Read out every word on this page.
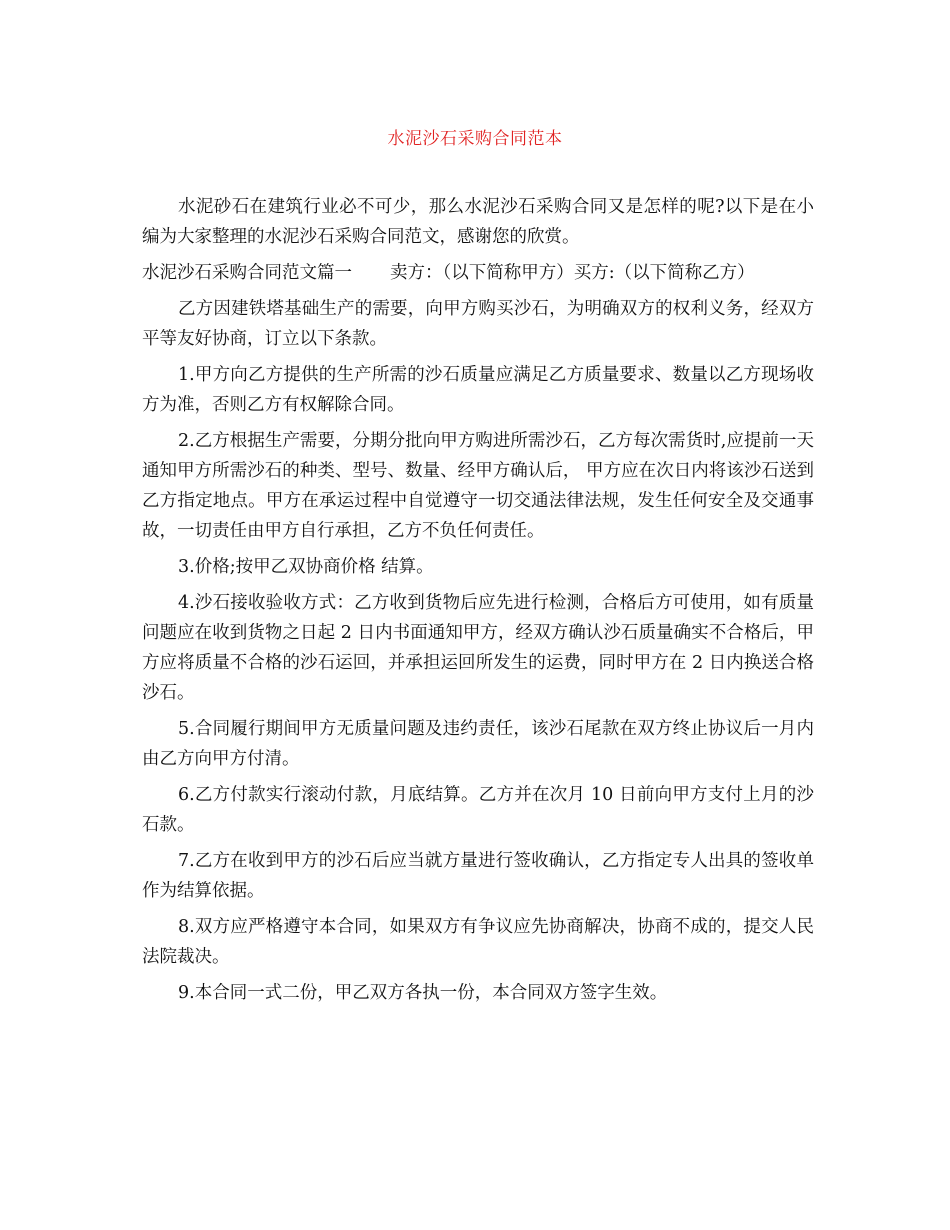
水泥沙石采购合同范本

水泥砂石在建筑行业必不可少，那么水泥沙石采购合同又是怎样的呢?以下是在小编为大家整理的水泥沙石采购合同范文，感谢您的欣赏。

水泥沙石采购合同范文篇一 卖方：（以下简称甲方）买方:（以下简称乙方）

乙方因建铁塔基础生产的需要，向甲方购买沙石，为明确双方的权利义务，经双方平等友好协商，订立以下条款。

1.甲方向乙方提供的生产所需的沙石质量应满足乙方质量要求、数量以乙方现场收方为准，否则乙方有权解除合同。

2.乙方根据生产需要，分期分批向甲方购进所需沙石，乙方每次需货时,应提前一天通知甲方所需沙石的种类、型号、数量、经甲方确认后， 甲方应在次日内将该沙石送到乙方指定地点。甲方在承运过程中自觉遵守一切交通法律法规，发生任何安全及交通事故，一切责任由甲方自行承担，乙方不负任何责任。

3.价格;按甲乙双协商价格 结算。

4.沙石接收验收方式：乙方收到货物后应先进行检测，合格后方可使用，如有质量问题应在收到货物之日起 2 日内书面通知甲方，经双方确认沙石质量确实不合格后，甲方应将质量不合格的沙石运回，并承担运回所发生的运费，同时甲方在 2 日内换送合格沙石。

5.合同履行期间甲方无质量问题及违约责任，该沙石尾款在双方终止协议后一月内由乙方向甲方付清。

6.乙方付款实行滚动付款，月底结算。乙方并在次月 10 日前向甲方支付上月的沙石款。

7.乙方在收到甲方的沙石后应当就方量进行签收确认，乙方指定专人出具的签收单作为结算依据。

8.双方应严格遵守本合同，如果双方有争议应先协商解决，协商不成的，提交人民法院裁决。

9.本合同一式二份，甲乙双方各执一份，本合同双方签字生效。
